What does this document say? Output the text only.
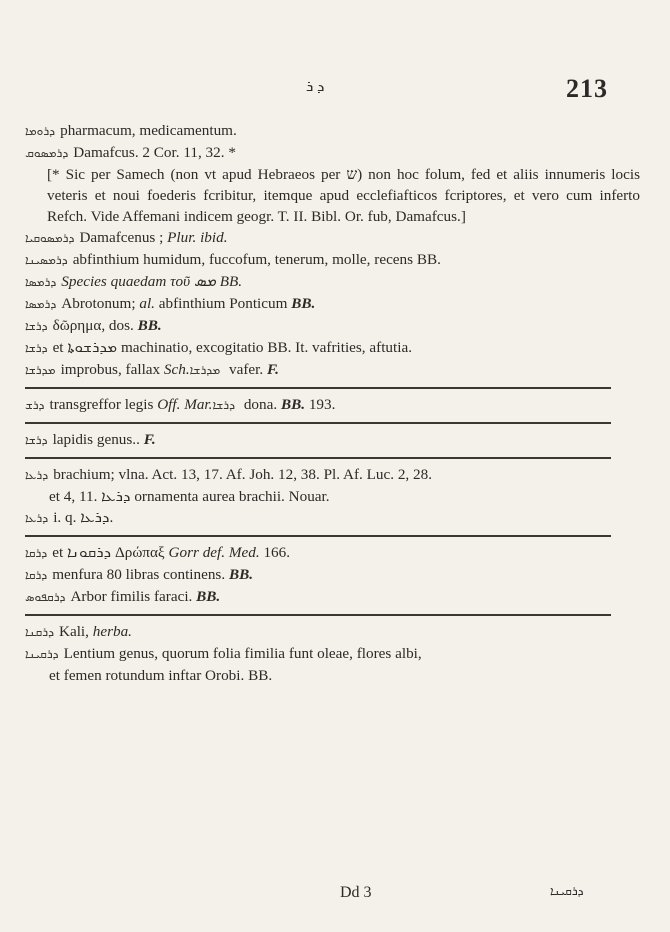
ܕ ܪ	213
ܕܪܘܡܐ pharmacum, medicamentum.
ܕܪܡܣܘܩ Damafcus. 2 Cor. 11, 32. *
[* Sic per Samech (non vt apud Hebraeos per ש) non hoc folum, fed et aliis innumeris locis veteris et noui foederis fcribitur, itemque apud ecclefiafticos fcriptores, et vero cum inferto Refch. Vide Affemani indicem geogr. T. II. Bibl. Or. fub, Damafcus.]
ܕܪܡܣܘܩܝܐ Damafcenus ; Plur. ibid.
ܕܪܡܣܝܢܐ abfinthium humidum, fuccofum, tenerum, molle, recens BB.
ܕܪܡܣܐ Species quaedam τοῦ ܡܣ BB.
ܕܪܡܣܐ Abrotonum; al. abfinthium Ponticum BB.
ܕܪܫܐ δῶρημα, dos. BB.
ܕܪܫܐ et ܡܕܪܫܘܬܐ machinatio, excogitatio BB. It. vafrities, aftutia.
ܡܕܪܫܐ improbus, fallax Sch.ܡܕܪܫܐ vafer. F.
ܕܪܫ transgreffor legis Off. Mar.ܕܪܫܐ dona. BB. 193.
ܕܪܫܐ lapidis genus.. F.
ܕܪܥܐ brachium; vlna. Act. 13, 17. Af. Joh. 12, 38. Pl. Af. Luc. 2, 28.
et 4, 11. ܕܪܥܐ ornamenta aurea brachii. Nouar.
ܕܪܥܐ i. q. ܕܪܥܐ.
ܕܪܩܐ et ܕܪܩܘܢܐ Δρώπαξ Gorr def. Med. 166.
ܕܪܩܐ menfura 80 libras continens. BB.
ܕܪܩܦܘܣ Arbor fimilis faraci. BB.
ܕܪܩܢܐ Kali, herba.
ܕܪܩܝܢܐ Lentium genus, quorum folia fimilia funt oleae, flores albi,
et femen rotundum inftar Orobi. BB.
Dd 3	ܕܪܩܝܢܐ
